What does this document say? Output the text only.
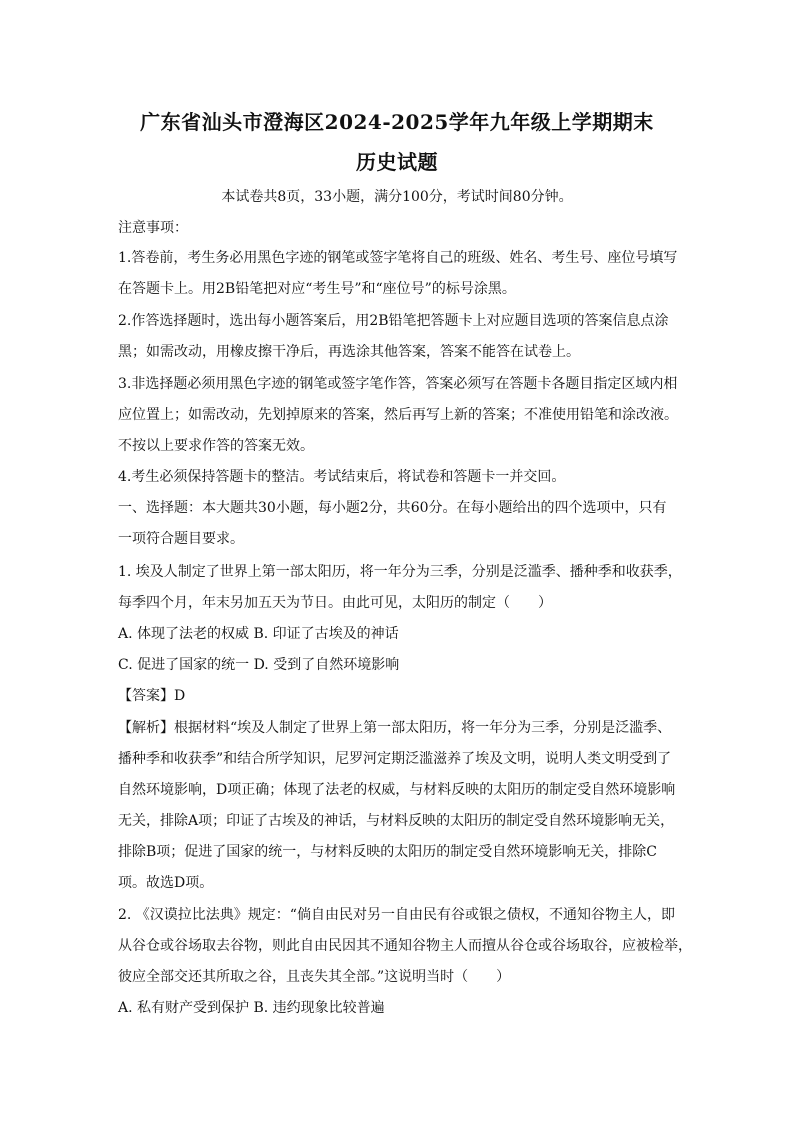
广东省汕头市澄海区2024-2025学年九年级上学期期末
历史试题
本试卷共8页，33小题，满分100分，考试时间80分钟。
注意事项：
1.答卷前，考生务必用黑色字迹的钢笔或签字笔将自己的班级、姓名、考生号、座位号填写
在答题卡上。用2B铅笔把对应“考生号”和“座位号”的标号涂黑。
2.作答选择题时，选出每小题答案后，用2B铅笔把答题卡上对应题目选项的答案信息点涂
黑；如需改动，用橡皮擦干净后，再选涂其他答案，答案不能答在试卷上。
3.非选择题必须用黑色字迹的钢笔或签字笔作答，答案必须写在答题卡各题目指定区域内相
应位置上；如需改动，先划掉原来的答案，然后再写上新的答案；不准使用铅笔和涂改液。
不按以上要求作答的答案无效。
4.考生必须保持答题卡的整洁。考试结束后，将试卷和答题卡一并交回。
一、选择题：本大题共30小题，每小题2分，共60分。在每小题给出的四个选项中，只有
一项符合题目要求。
1. 埃及人制定了世界上第一部太阳历，将一年分为三季，分别是泛滥季、播种季和收获季，
每季四个月，年末另加五天为节日。由此可见，太阳历的制定（　　）
A. 体现了法老的权威 B. 印证了古埃及的神话
C. 促进了国家的统一 D. 受到了自然环境影响
【答案】D
【解析】根据材料“埃及人制定了世界上第一部太阳历，将一年分为三季，分别是泛滥季、
播种季和收获季”和结合所学知识，尼罗河定期泛滥滋养了埃及文明，说明人类文明受到了
自然环境影响，D项正确；体现了法老的权威，与材料反映的太阳历的制定受自然环境影响
无关，排除A项；印证了古埃及的神话，与材料反映的太阳历的制定受自然环境影响无关，
排除B项；促进了国家的统一，与材料反映的太阳历的制定受自然环境影响无关，排除C
项。故选D项。
2. 《汉谟拉比法典》规定：“倘自由民对另一自由民有谷或银之债权，不通知谷物主人，即
从谷仓或谷场取去谷物，则此自由民因其不通知谷物主人而擅从谷仓或谷场取谷，应被检举，
彼应全部交还其所取之谷，且丧失其全部。”这说明当时（　　）
A. 私有财产受到保护 B. 违约现象比较普遍
